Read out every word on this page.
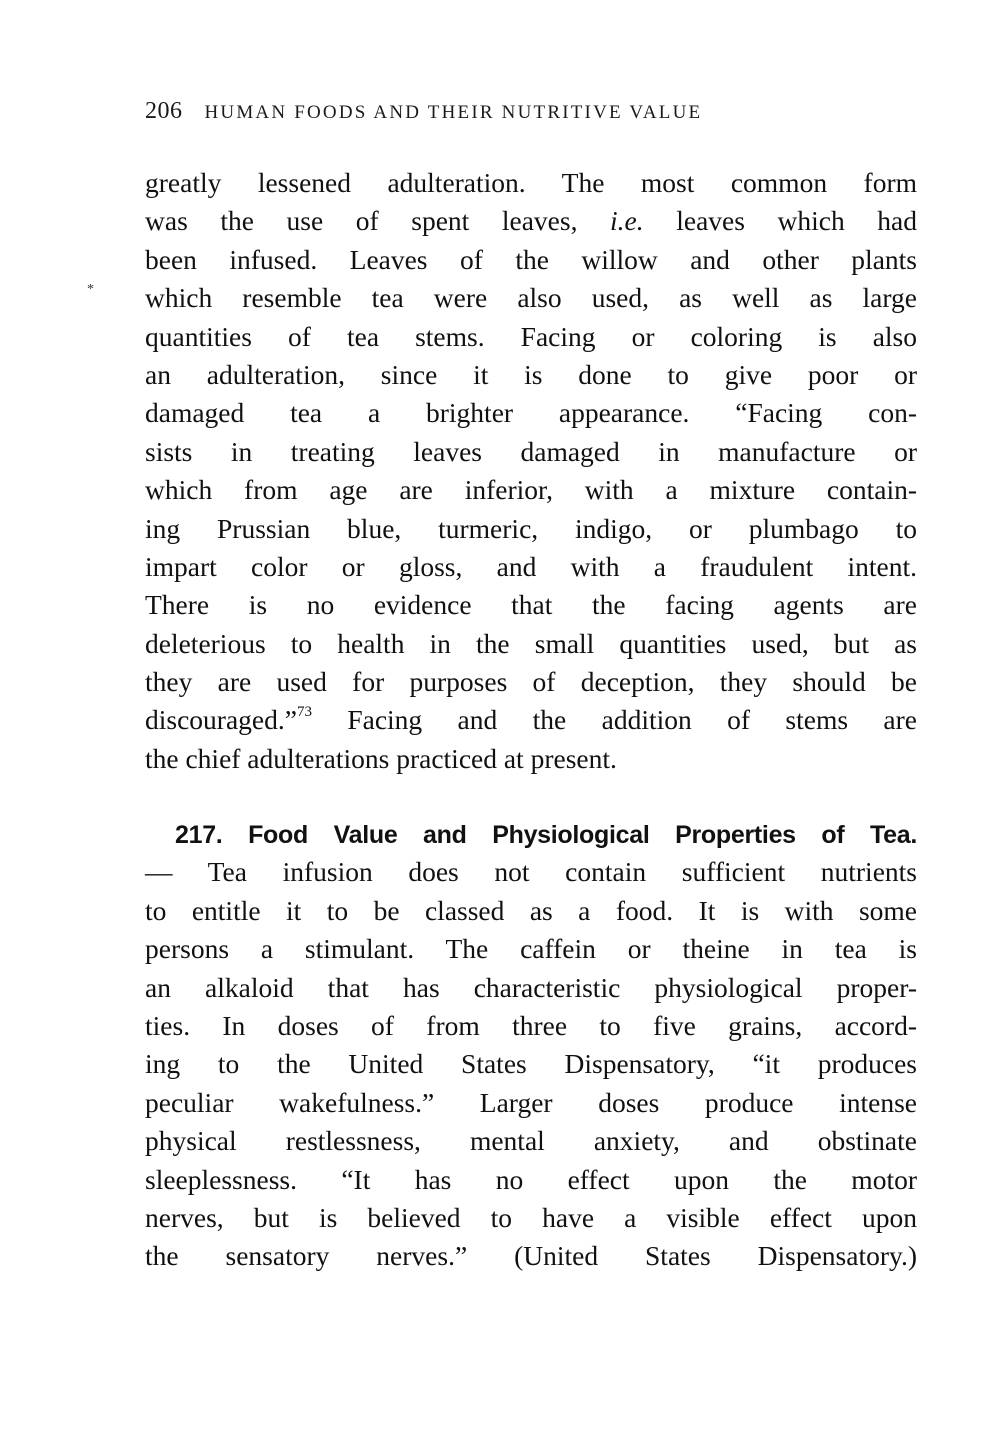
206 HUMAN FOODS AND THEIR NUTRITIVE VALUE
*
greatly lessened adulteration. The most common form
was the use of spent leaves, i.e. leaves which had
been infused. Leaves of the willow and other plants
which resemble tea were also used, as well as large
quantities of tea stems. Facing or coloring is also
an adulteration, since it is done to give poor or
damaged tea a brighter appearance. “Facing con-
sists in treating leaves damaged in manufacture or
which from age are inferior, with a mixture contain-
ing Prussian blue, turmeric, indigo, or plumbago to
impart color or gloss, and with a fraudulent intent.
There is no evidence that the facing agents are
deleterious to health in the small quantities used, but as
they are used for purposes of deception, they should be
discouraged.”$^{73}$ Facing and the addition of stems are
the chief adulterations practiced at present.
217. Food Value and Physiological Properties of Tea.
— Tea infusion does not contain sufficient nutrients
to entitle it to be classed as a food. It is with some
persons a stimulant. The caffein or theine in tea is
an alkaloid that has characteristic physiological proper-
ties. In doses of from three to five grains, accord-
ing to the United States Dispensatory, “it produces
peculiar wakefulness.” Larger doses produce intense
physical restlessness, mental anxiety, and obstinate
sleeplessness. “It has no effect upon the motor
nerves, but is believed to have a visible effect upon
the sensatory nerves.” (United States Dispensatory.)
